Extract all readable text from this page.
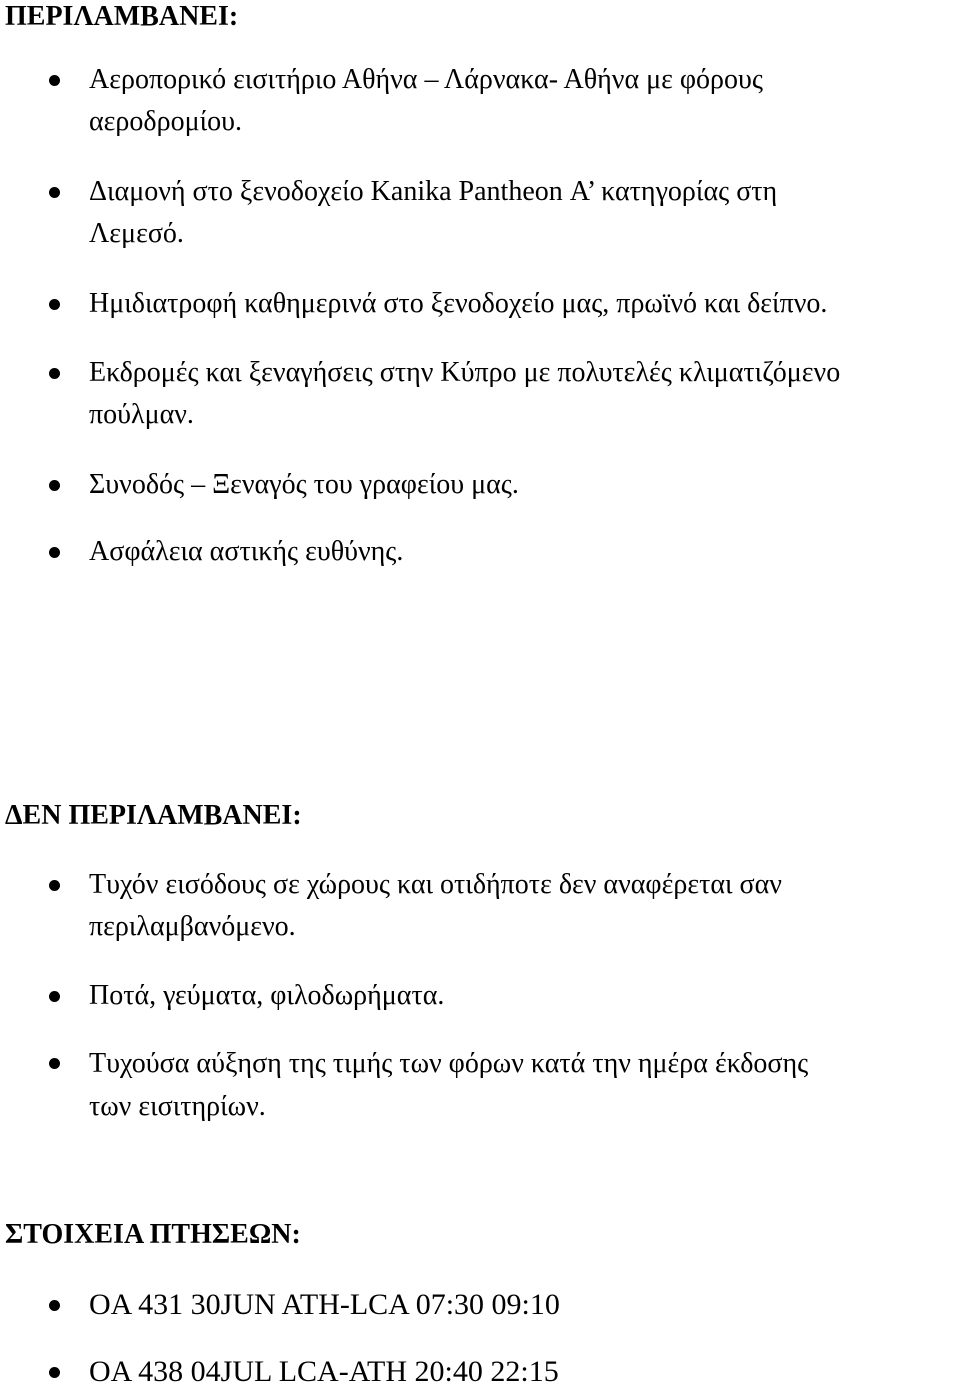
ΠΕΡΙΛΑΜΒΑΝΕΙ:

Αεροπορικό εισιτήριο Αθήνα – Λάρνακα- Αθήνα με φόρους
αεροδρομίου.

Διαμονή στο ξενοδοχείο Kanika Pantheon Α’ κατηγορίας στη
Λεμεσό.

Ημιδιατροφή καθημερινά στο ξενοδοχείο μας, πρωϊνό και δείπνο.

Εκδρομές και ξεναγήσεις στην Κύπρο με πολυτελές κλιματιζόμενο
πούλμαν.

Συνοδός – Ξεναγός του γραφείου μας.

Ασφάλεια αστικής ευθύνης.

ΔΕΝ ΠΕΡΙΛΑΜΒΑΝΕΙ:

Τυχόν εισόδους σε χώρους και οτιδήποτε δεν αναφέρεται σαν
περιλαμβανόμενο.

Ποτά, γεύματα, φιλοδωρήματα.

Τυχούσα αύξηση της τιμής των φόρων κατά την ημέρα έκδοσης
των εισιτηρίων.

ΣΤΟΙΧΕΙΑ ΠΤΗΣΕΩΝ:

OA 431 30JUN ATH-LCA 07:30 09:10

OA 438 04JUL LCA-ATH 20:40 22:15
